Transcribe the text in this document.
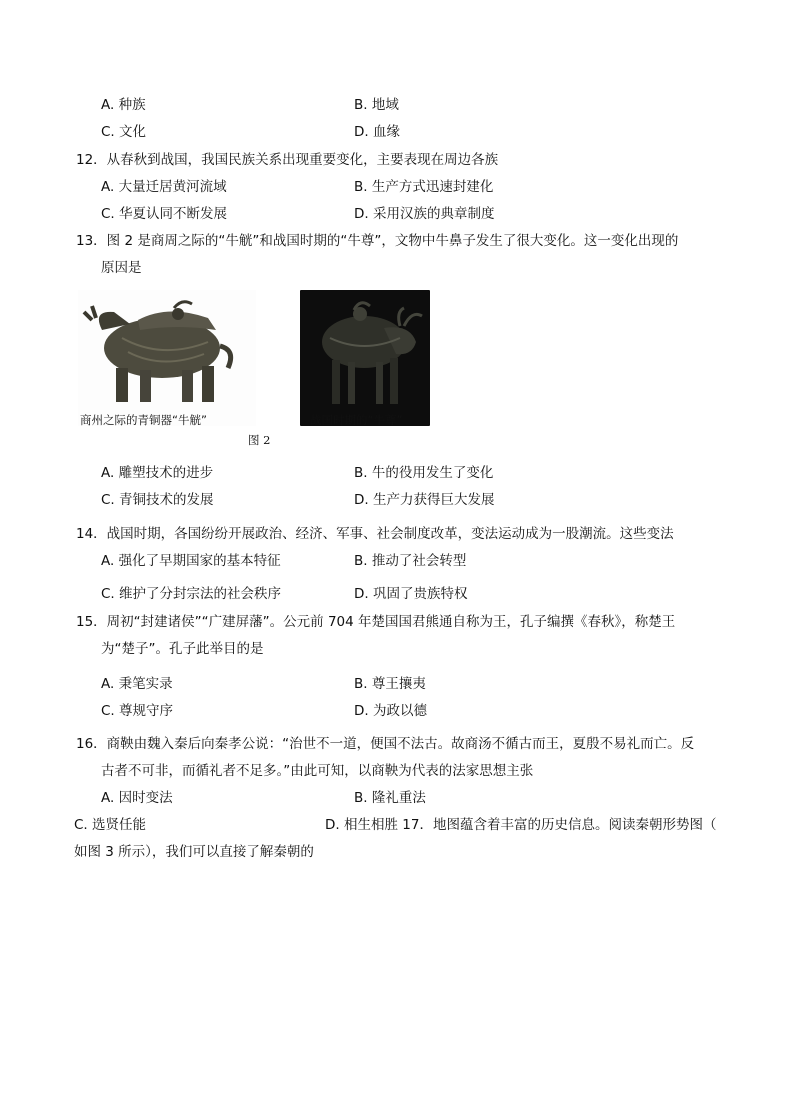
A. 种族	B. 地域
C. 文化	D. 血缘
12．从春秋到战国，我国民族关系出现重要变化，主要表现在周边各族
A. 大量迁居黄河流域	B. 生产方式迅速封建化
C. 华夏认同不断发展	D. 采用汉族的典章制度
13．图 2 是商周之际的“牛觥”和战国时期的“牛尊”，文物中牛鼻子发生了很大变化。这一变化出现的
原因是
商州之际的青铜器“牛觥”	战国时期的“牛尊”
图 2
A. 雕塑技术的进步	B. 牛的役用发生了变化
C. 青铜技术的发展	D. 生产力获得巨大发展
14．战国时期，各国纷纷开展政治、经济、军事、社会制度改革，变法运动成为一股潮流。这些变法
A. 强化了早期国家的基本特征	B. 推动了社会转型
C. 维护了分封宗法的社会秩序	D. 巩固了贵族特权
15．周初“封建诸侯”“广建屏藩”。公元前 704 年楚国国君熊通自称为王，孔子编撰《春秋》，称楚王
为“楚子”。孔子此举目的是
A. 秉笔实录	B. 尊王攘夷
C. 尊规守序	D. 为政以德
16．商鞅由魏入秦后向秦孝公说：“治世不一道，便国不法古。故商汤不循古而王，夏殷不易礼而亡。反
古者不可非，而循礼者不足多。”由此可知，以商鞅为代表的法家思想主张
A. 因时变法	B. 隆礼重法
C. 选贤任能	D. 相生相胜 17．地图蕴含着丰富的历史信息。阅读秦朝形势图（
如图 3 所示），我们可以直接了解秦朝的
